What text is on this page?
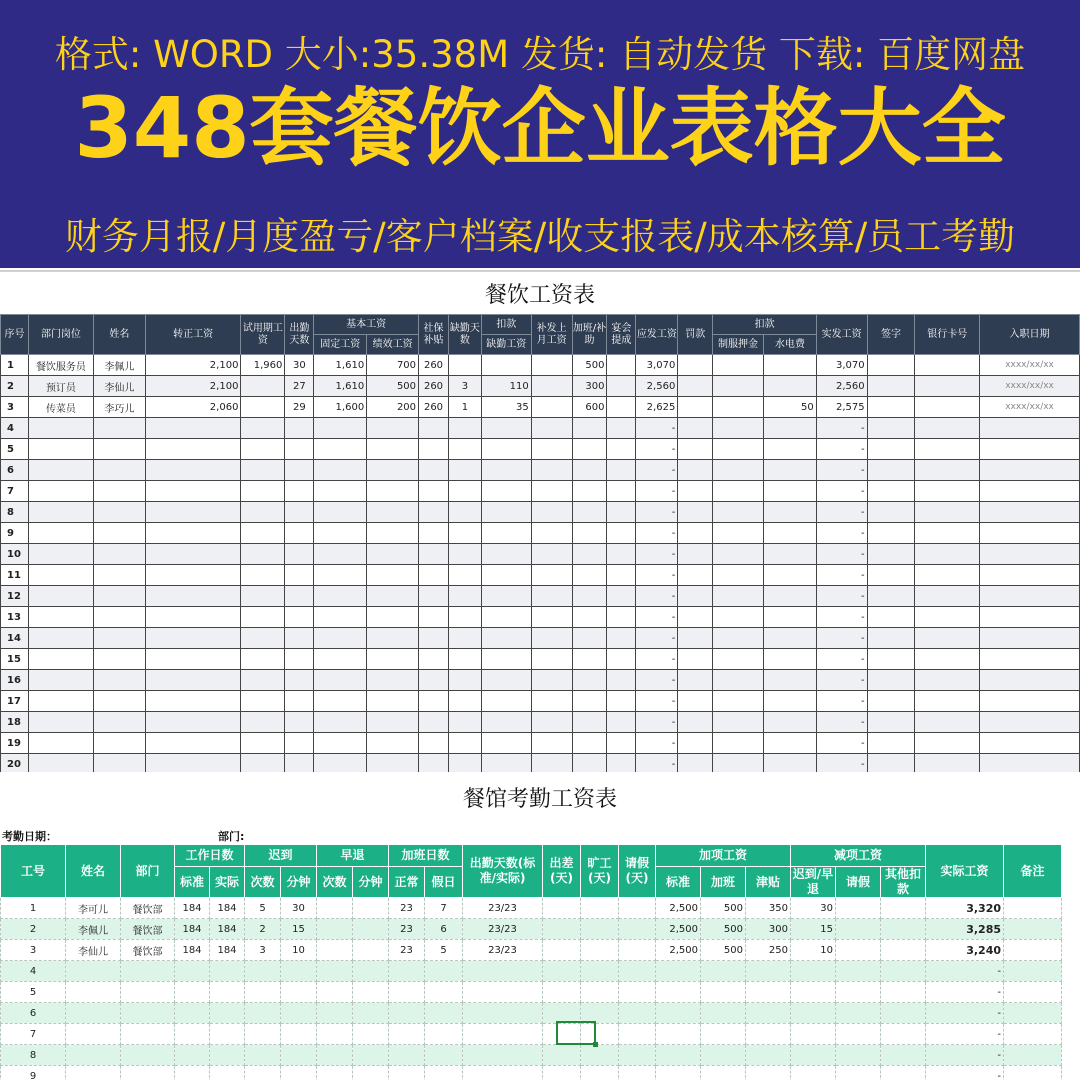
格式: WORD 大小:35.38M 发货: 自动发货 下载: 百度网盘
348套餐饮企业表格大全
财务月报/月度盈亏/客户档案/收支报表/成本核算/员工考勤
餐饮工资表
序号	部门岗位	姓名	转正工资	试用期工资	出勤天数	基本工资		社保补贴	缺勤天数	扣款	补发上月工资	加班/补助	宴会提成	应发工资	罚款	扣款		实发工资	签字	银行卡号	入职日期
						固定工资	绩效工资			缺勤工资						制服押金	水电费				
1	餐饮服务员	李佩儿	2,100	1,960	30	1,610	700	260				500		3,070				3,070			xxxx/xx/xx
2	预订员	李仙儿	2,100		27	1,610	500	260	3	110		300		2,560				2,560			xxxx/xx/xx
3	传菜员	李巧儿	2,060		29	1,600	200	260	1	35		600		2,625			50	2,575			xxxx/xx/xx
4														-				-			
5														-				-			
6														-				-			
7														-				-			
8														-				-			
9														-				-			
10														-				-			
11														-				-			
12														-				-			
13														-				-			
14														-				-			
15														-				-			
16														-				-			
17														-				-			
18														-				-			
19														-				-			
20														-				-			
餐馆考勤工资表
考勤日期：	部门:
工号	姓名	部门	工作日数		迟到		早退		加班日数		出勤天数(标准/实际)	出差(天)	旷工(天)	请假(天)	加项工资			减项工资			实际工资	备注
			标准	实际	次数	分钟	次数	分钟	正常	假日					标准	加班	津贴	迟到/早退	请假	其他扣款		
1	李可儿	餐饮部	184	184	5	30			23	7	23/23				2,500	500	350	30			3,320	
2	李佩儿	餐饮部	184	184	2	15			23	6	23/23				2,500	500	300	15			3,285	
3	李仙儿	餐饮部	184	184	3	10			23	5	23/23				2,500	500	250	10			3,240	
4																					-	
5																					-	
6																					-	
7																					-	
8																					-	
9																					-	
